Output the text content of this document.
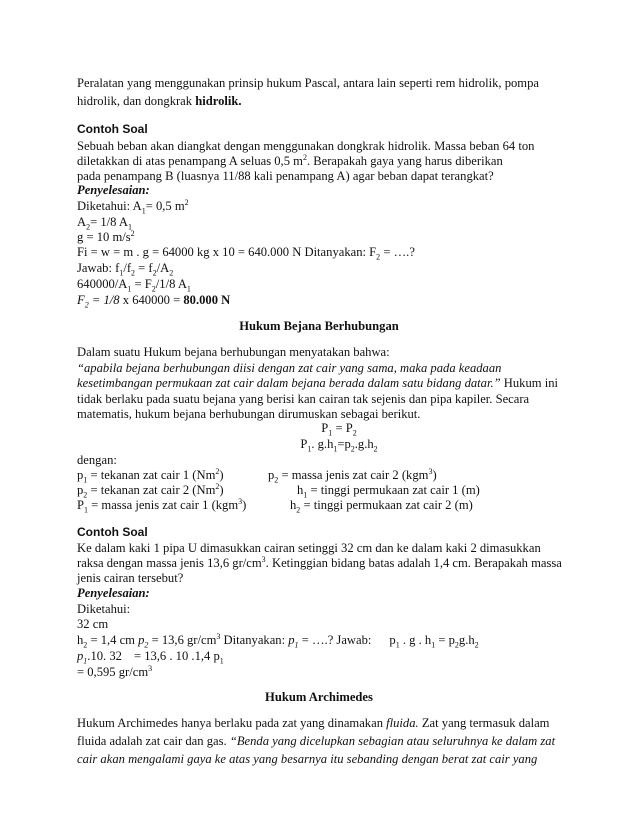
Peralatan yang menggunakan prinsip hukum Pascal, antara lain seperti rem hidrolik, pompa
hidrolik, dan dongkrak hidrolik.
Contoh Soal
Sebuah beban akan diangkat dengan menggunakan dongkrak hidrolik. Massa beban 64 ton
diletakkan di atas penampang A seluas 0,5 $m^2$. Berapakah gaya yang harus diberikan
pada penampang B (luasnya 11/88 kali penampang A) agar beban dapat terangkat?
Penyelesaian:
Diketahui: $A_1= 0,5$ $m^2$
$A_2= 1/8$ $A_1$
g = 10 $m/s^2$
Fi = w = m . g = 64000 kg x 10 = 640.000 N Ditanyakan: $F_2$ = ….?
Jawab: $f_1/f_2 = f_2/A_2$
$640000/A_1 = F_2/1/8$ $A_1$
$F_2 = 1/8$ x 640000 = 80.000 N
Hukum Bejana Berhubungan
Dalam suatu Hukum bejana berhubungan menyatakan bahwa:
“apabila bejana berhubungan diisi dengan zat cair yang sama, maka pada keadaan
kesetimbangan permukaan zat cair dalam bejana berada dalam satu bidang datar.” Hukum ini
tidak berlaku pada suatu bejana yang berisi kan cairan tak sejenis dan pipa kapiler. Secara
matematis, hukum bejana berhubungan dirumuskan sebagai berikut.
$P_1 = P_2$
$P_1$. $g.h_1=p_2.g.h_2$
dengan:
$p_1$ = tekanan zat cair 1 (Nm$^2$)	$p_2$ = massa jenis zat cair 2 (kgm$^3$)
$p_2$ = tekanan zat cair 2 (Nm$^2$)	$h_1$ = tinggi permukaan zat cair 1 (m)
$P_1$ = massa jenis zat cair 1 (kgm$^3$)	$h_2$ = tinggi permukaan zat cair 2 (m)
Contoh Soal
Ke dalam kaki 1 pipa U dimasukkan cairan setinggi 32 cm dan ke dalam kaki 2 dimasukkan
raksa dengan massa jenis 13,6 $gr/cm^3$. Ketinggian bidang batas adalah 1,4 cm. Berapakah massa
jenis cairan tersebut?
Penyelesaian:
Diketahui:
32 cm
$h_2 = 1,4$ cm $p_2 = 13,6$ $gr/cm^3$ Ditanyakan: $p_1$ = ….? Jawab: $p_1$ . g . $h_1 = p_2g.h_2$
$p_1.10$. 32 = 13,6 . 10 .1,4 $p_1$
= 0,595 $gr/cm^3$
Hukum Archimedes
Hukum Archimedes hanya berlaku pada zat yang dinamakan fluida. Zat yang termasuk dalam
fluida adalah zat cair dan gas. “Benda yang dicelupkan sebagian atau seluruhnya ke dalam zat
cair akan mengalami gaya ke atas yang besarnya itu sebanding dengan berat zat cair yang
